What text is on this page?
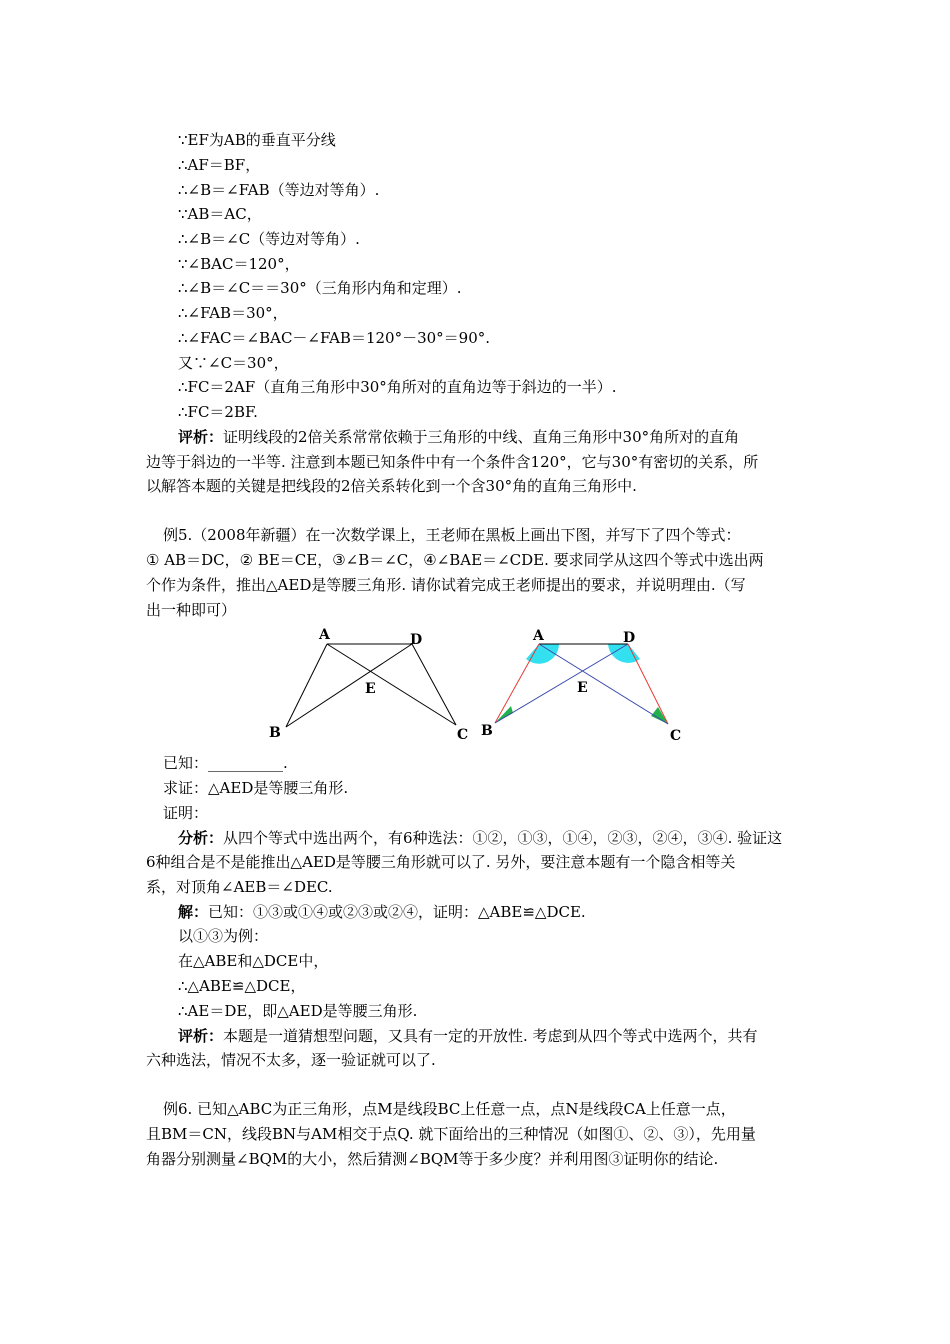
∵EF为AB的垂直平分线
∴AF＝BF，
∴∠B＝∠FAB（等边对等角）.
∵AB＝AC，
∴∠B＝∠C（等边对等角）.
∵∠BAC＝120°，
∴∠B＝∠C＝＝30°（三角形内角和定理）.
∴∠FAB＝30°，
∴∠FAC＝∠BAC－∠FAB＝120°－30°＝90°.
又∵∠C＝30°，
∴FC＝2AF（直角三角形中30°角所对的直角边等于斜边的一半）.
∴FC＝2BF.
评析：证明线段的2倍关系常常依赖于三角形的中线、直角三角形中30°角所对的直角
边等于斜边的一半等. 注意到本题已知条件中有一个条件含120°，它与30°有密切的关系，所
以解答本题的关键是把线段的2倍关系转化到一个含30°角的直角三角形中.
例5.（2008年新疆）在一次数学课上，王老师在黑板上画出下图，并写下了四个等式：
① AB＝DC，② BE＝CE，③∠B＝∠C，④∠BAE＝∠CDE. 要求同学从这四个等式中选出两
个作为条件，推出△AED是等腰三角形. 请你试着完成王老师提出的要求，并说明理由.（写
出一种即可）
A	D
E
B	C
A	D
E
B	C
已知：__________.
求证：△AED是等腰三角形.
证明：
分析：从四个等式中选出两个，有6种选法：①②，①③，①④，②③，②④，③④. 验证这
6种组合是不是能推出△AED是等腰三角形就可以了. 另外，要注意本题有一个隐含相等关
系，对顶角∠AEB＝∠DEC.
解：已知：①③或①④或②③或②④，证明：△ABE≌△DCE.
以①③为例：
在△ABE和△DCE中，
∴△ABE≌△DCE，
∴AE＝DE，即△AED是等腰三角形.
评析：本题是一道猜想型问题，又具有一定的开放性. 考虑到从四个等式中选两个，共有
六种选法，情况不太多，逐一验证就可以了.
例6. 已知△ABC为正三角形，点M是线段BC上任意一点，点N是线段CA上任意一点，
且BM＝CN，线段BN与AM相交于点Q. 就下面给出的三种情况（如图①、②、③），先用量
角器分别测量∠BQM的大小，然后猜测∠BQM等于多少度？并利用图③证明你的结论.
